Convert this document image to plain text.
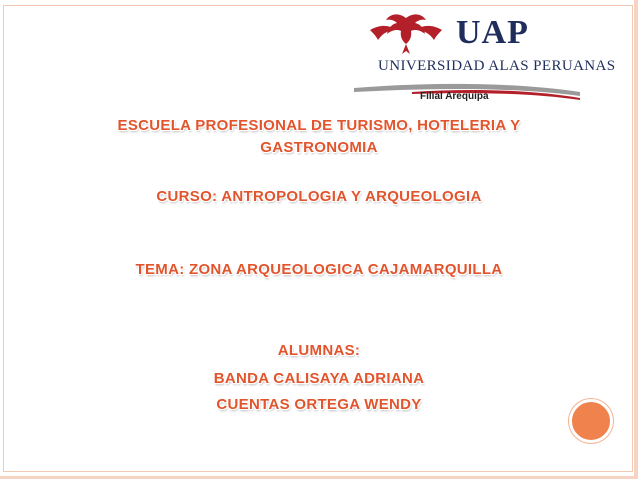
UAP
UNIVERSIDAD ALAS PERUANAS
Filial Arequipa
ESCUELA PROFESIONAL DE TURISMO, HOTELERIA Y
GASTRONOMIA
CURSO: ANTROPOLOGIA Y ARQUEOLOGIA
TEMA: ZONA ARQUEOLOGICA CAJAMARQUILLA
ALUMNAS:
BANDA CALISAYA ADRIANA
CUENTAS ORTEGA WENDY
